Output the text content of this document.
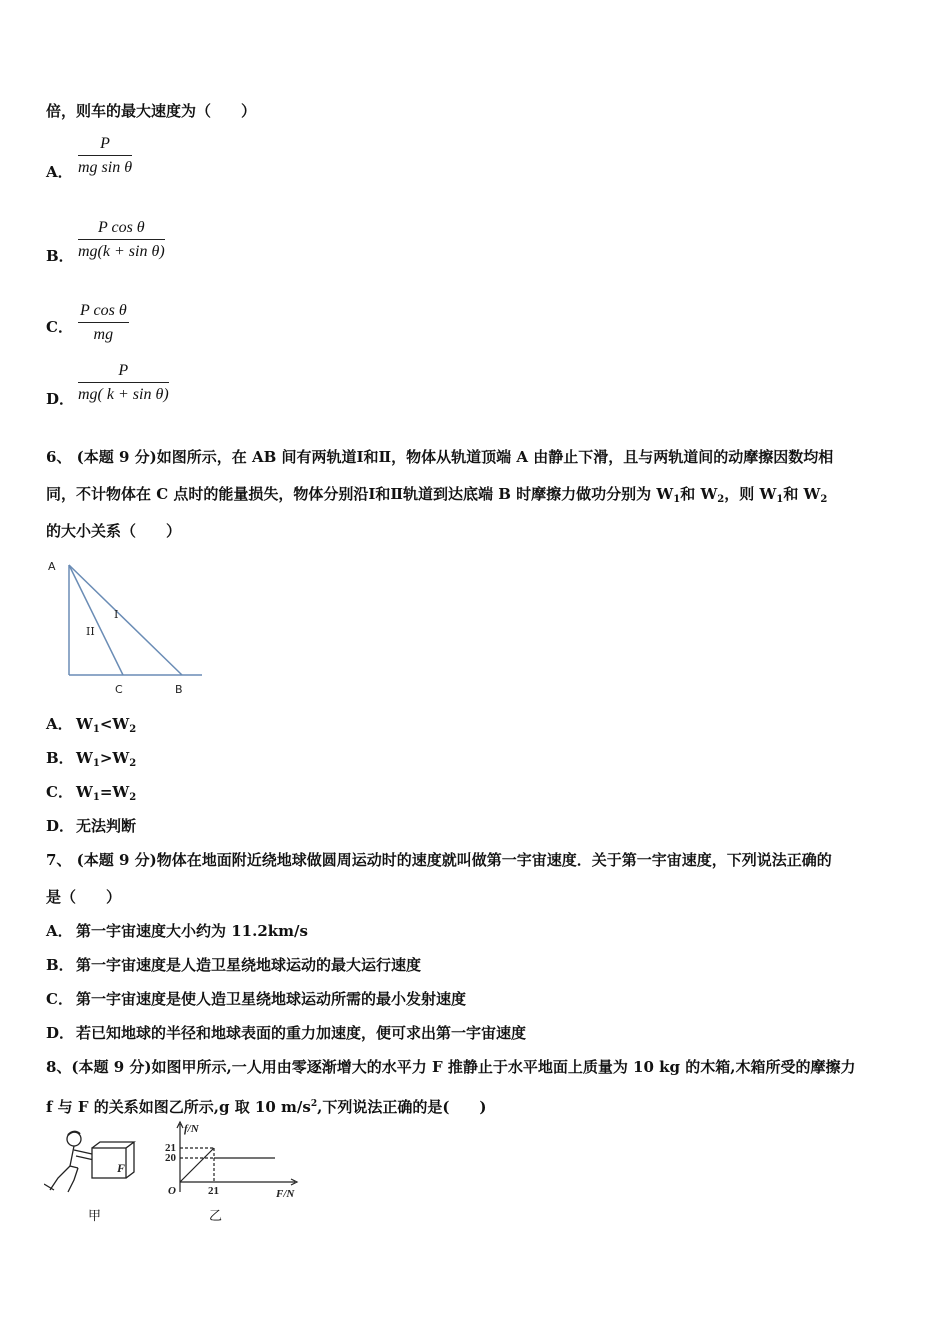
倍，则车的最大速度为（　　）
A． $\frac{P}{\text{mg sin θ}}$
B． $\frac{\text{P cos θ}}{\text{mg(k + sin θ)}}$
C． $\frac{\text{P cos θ}}{mg}$
D． $\frac{P}{\text{mg( k + sin θ)}}$
6、 (本题 9 分)如图所示，在 AB 间有两轨道Ⅰ和Ⅱ，物体从轨道顶端 A 由静止下滑，且与两轨道间的动摩擦因数均相
同，不计物体在 C 点时的能量损失，物体分别沿Ⅰ和Ⅱ轨道到达底端 B 时摩擦力做功分别为 $W_1$和 $W_2$，则 $W_1$和 $W_2$
的大小关系（　　）
A
C	B
I
II
A． $W_1<W_2$
B． $W_1>W_2$
C． $W_1=W_2$
D． 无法判断
7、 (本题 9 分)物体在地面附近绕地球做圆周运动时的速度就叫做第一宇宙速度．关于第一宇宙速度，下列说法正确的
是（　　）
A． 第一宇宙速度大小约为 11.2km/s
B． 第一宇宙速度是人造卫星绕地球运动的最大运行速度
C． 第一宇宙速度是使人造卫星绕地球运动所需的最小发射速度
D． 若已知地球的半径和地球表面的重力加速度，便可求出第一宇宙速度
8、(本题 9 分)如图甲所示,一人用由零逐渐增大的水平力 F 推静止于水平地面上质量为 10 kg 的木箱,木箱所受的摩擦力
f 与 F 的关系如图乙所示,g 取 10 $m/s^2$,下列说法正确的是(　　)
F
甲
f/N
21
20
O	21	F/N
乙
